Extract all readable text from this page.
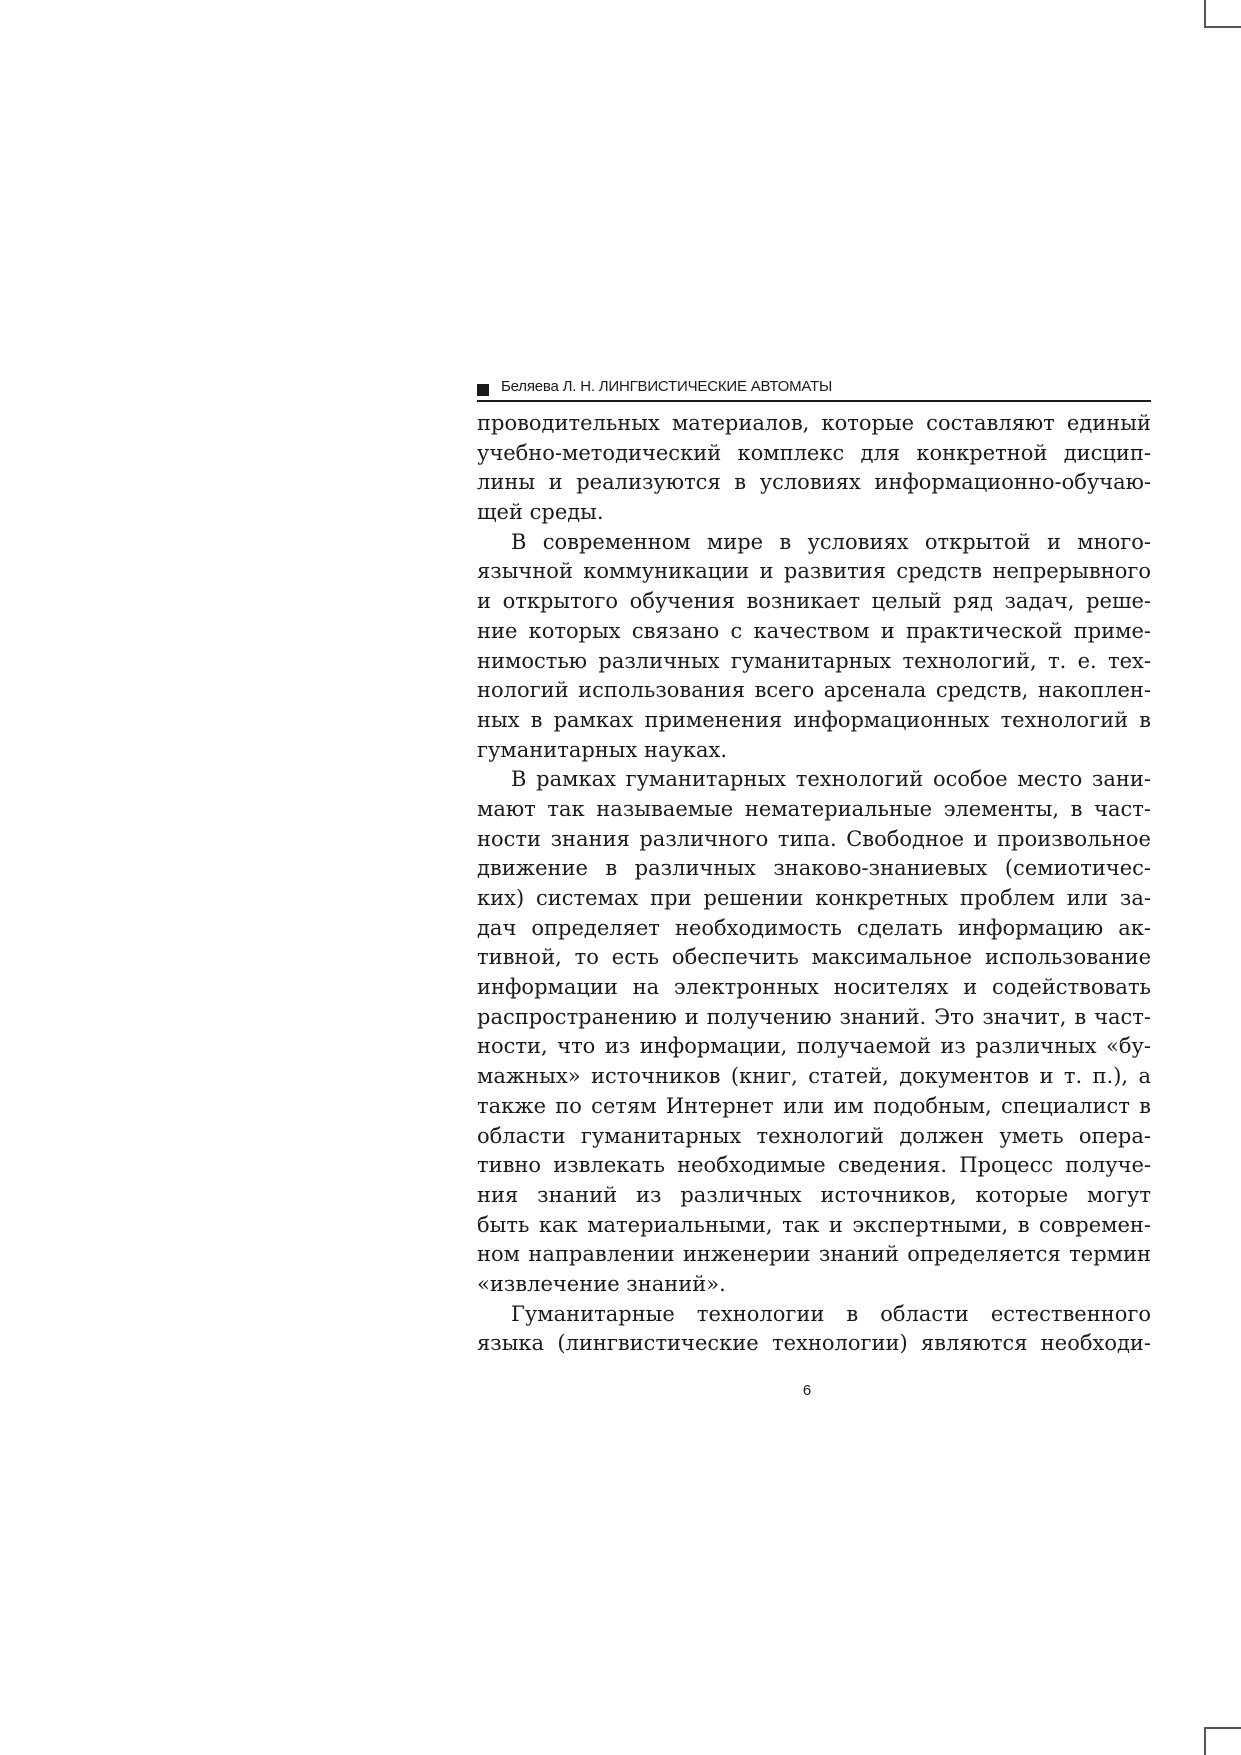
Беляева Л. Н. ЛИНГВИСТИЧЕСКИЕ АВТОМАТЫ
проводительных материалов, которые составляют единый
учебно-методический комплекс для конкретной дисцип-
лины и реализуются в условиях информационно-обучаю-
щей среды.
В современном мире в условиях открытой и много-
язычной коммуникации и развития средств непрерывного
и открытого обучения возникает целый ряд задач, реше-
ние которых связано с качеством и практической приме-
нимостью различных гуманитарных технологий, т. е. тех-
нологий использования всего арсенала средств, накоплен-
ных в рамках применения информационных технологий в
гуманитарных науках.
В рамках гуманитарных технологий особое место зани-
мают так называемые нематериальные элементы, в част-
ности знания различного типа. Свободное и произвольное
движение в различных знаково-знаниевых (семиотичес-
ких) системах при решении конкретных проблем или за-
дач определяет необходимость сделать информацию ак-
тивной, то есть обеспечить максимальное использование
информации на электронных носителях и содействовать
распространению и получению знаний. Это значит, в част-
ности, что из информации, получаемой из различных «бу-
мажных» источников (книг, статей, документов и т. п.), а
также по сетям Интернет или им подобным, специалист в
области гуманитарных технологий должен уметь опера-
тивно извлекать необходимые сведения. Процесс получе-
ния знаний из различных источников, которые могут
быть как материальными, так и экспертными, в современ-
ном направлении инженерии знаний определяется термин
«извлечение знаний».
Гуманитарные технологии в области естественного
языка (лингвистические технологии) являются необходи-
6
